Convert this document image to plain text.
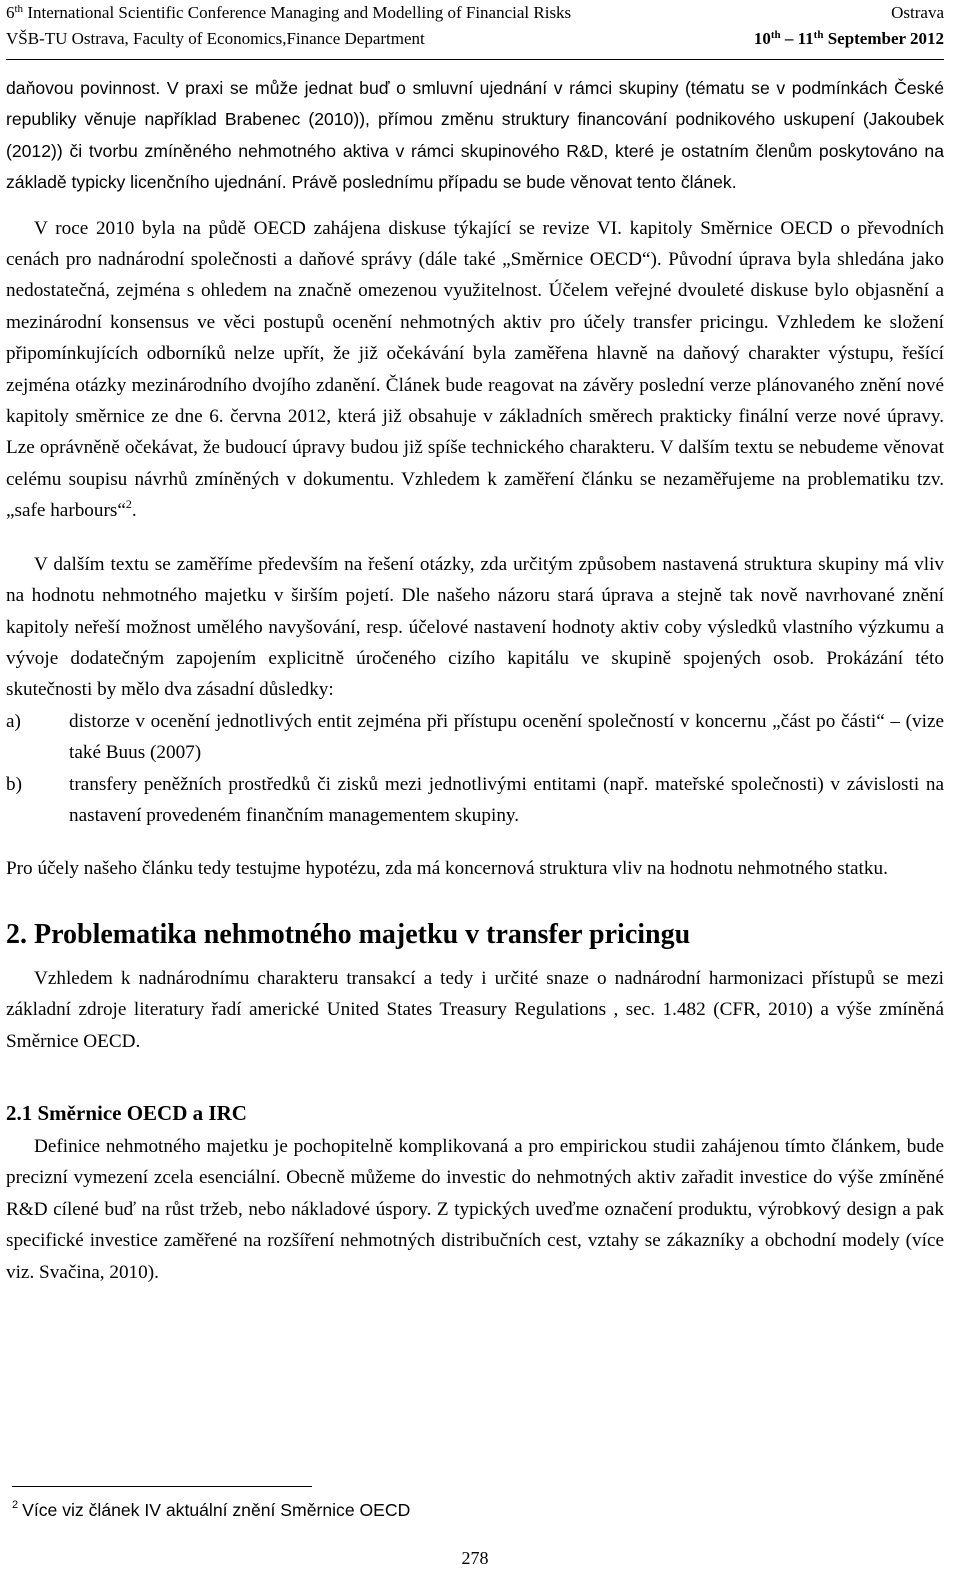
6th International Scientific Conference Managing and Modelling of Financial Risks
VŠB-TU Ostrava, Faculty of Economics,Finance Department
Ostrava
10th – 11th September 2012

daňovou povinnost. V praxi se může jednat buď o smluvní ujednání v rámci skupiny (tématu se v podmínkách České republiky věnuje například Brabenec (2010)), přímou změnu struktury financování podnikového uskupení (Jakoubek (2012)) či tvorbu zmíněného nehmotného aktiva v rámci skupinového R&D, které je ostatním členům poskytováno na základě typicky licenčního ujednání. Právě poslednímu případu se bude věnovat tento článek.

V roce 2010 byla na půdě OECD zahájena diskuse týkající se revize VI. kapitoly Směrnice OECD o převodních cenách pro nadnárodní společnosti a daňové správy (dále také „Směrnice OECD“). Původní úprava byla shledána jako nedostatečná, zejména s ohledem na značně omezenou využitelnost. Účelem veřejné dvouleté diskuse bylo objasnění a mezinárodní konsensus ve věci postupů ocenění nehmotných aktiv pro účely transfer pricingu. Vzhledem ke složení připomínkujících odborníků nelze upřít, že již očekávání byla zaměřena hlavně na daňový charakter výstupu, řešící zejména otázky mezinárodního dvojího zdanění. Článek bude reagovat na závěry poslední verze plánovaného znění nové kapitoly směrnice ze dne 6. června 2012, která již obsahuje v základních směrech prakticky finální verze nové úpravy. Lze oprávněně očekávat, že budoucí úpravy budou již spíše technického charakteru. V dalším textu se nebudeme věnovat celému soupisu návrhů zmíněných v dokumentu. Vzhledem k zaměření článku se nezaměřujeme na problematiku tzv. „safe harbours“$^2$.

V dalším textu se zaměříme především na řešení otázky, zda určitým způsobem nastavená struktura skupiny má vliv na hodnotu nehmotného majetku v širším pojetí. Dle našeho názoru stará úprava a stejně tak nově navrhované znění kapitoly neřeší možnost umělého navyšování, resp. účelové nastavení hodnoty aktiv coby výsledků vlastního výzkumu a vývoje dodatečným zapojením explicitně úročeného cizího kapitálu ve skupině spojených osob. Prokázání této skutečnosti by mělo dva zásadní důsledky:

a)	distorze v ocenění jednotlivých entit zejména při přístupu ocenění společností v koncernu „část po části“ – (vize také Buus (2007)
b) transfery peněžních prostředků či zisků mezi jednotlivými entitami (např. mateřské společnosti) v závislosti na nastavení provedeném finančním managementem skupiny.

Pro účely našeho článku tedy testujme hypotézu, zda má koncernová struktura vliv na hodnotu nehmotného statku.

2. Problematika nehmotného majetku v transfer pricingu

Vzhledem k nadnárodnímu charakteru transakcí a tedy i určité snaze o nadnárodní harmonizaci přístupů se mezi základní zdroje literatury řadí americké United States Treasury Regulations , sec. 1.482 (CFR, 2010) a výše zmíněná Směrnice OECD.

2.1 Směrnice OECD a IRC

Definice nehmotného majetku je pochopitelně komplikovaná a pro empirickou studii zahájenou tímto článkem, bude precizní vymezení zcela esenciální. Obecně můžeme do investic do nehmotných aktiv zařadit investice do výše zmíněné R&D cílené buď na růst tržeb, nebo nákladové úspory. Z typických uveďme označení produktu, výrobkový design a pak specifické investice zaměřené na rozšíření nehmotných distribučních cest, vztahy se zákazníky a obchodní modely (více viz. Svačina, 2010).

$^2$ Více viz článek IV aktuální znění Směrnice OECD
278
